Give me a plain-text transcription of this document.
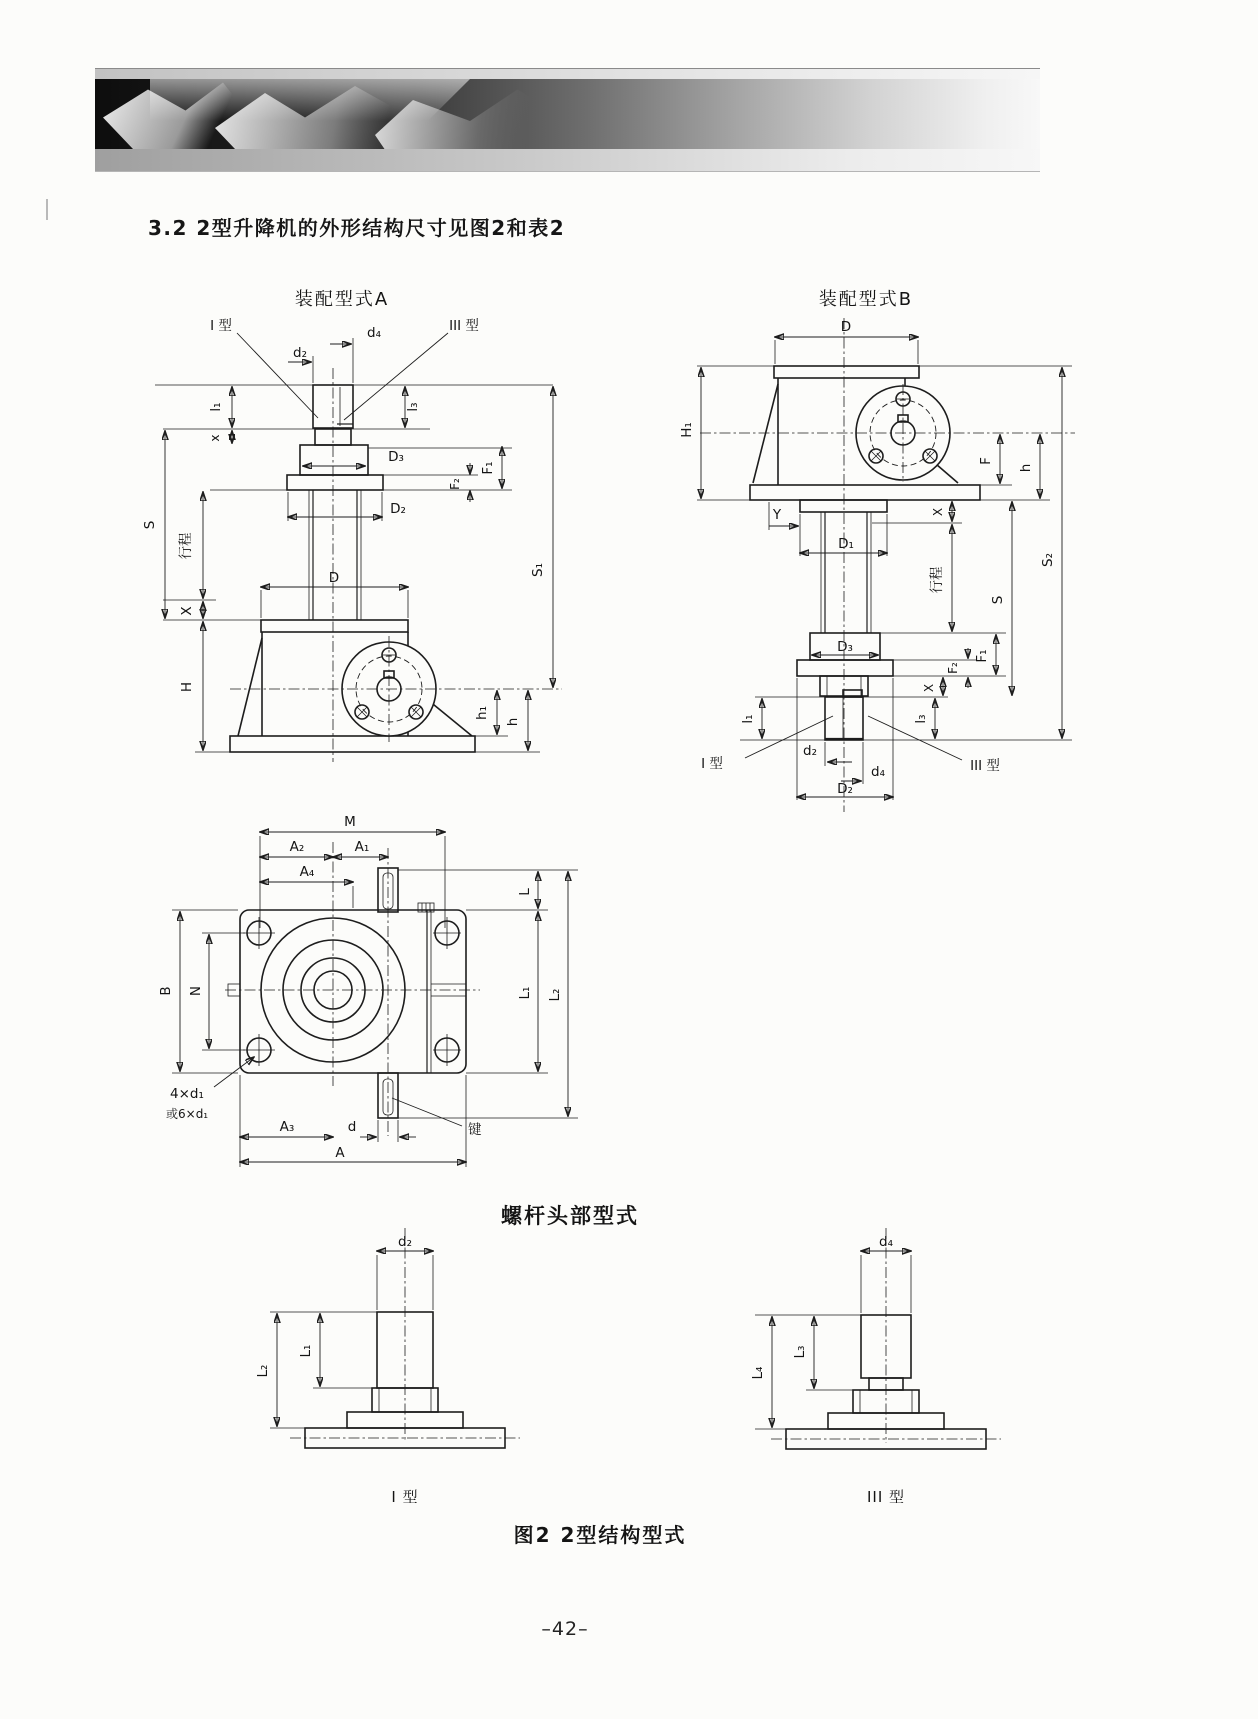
3.2 2型升降机的外形结构尺寸见图2和表2
装配型式A
I 型	III 型
d₂
d₄
l₁	l₃
x
D₃
F₁
F₂
S
行程
D₂
D
X
H
h₁
h
S₁
装配型式B
D
H₁
F
h
Y	X
D₁
行程
S
D₃
F₁
F₂
X
l₁	l₃
d₂
d₄
I 型	III 型
D₂
S₂
M
A₂	A₁
A₄
L
B N	L₁ L₂
4×d₁
或6×d₁
A₃	d	键
A
螺杆头部型式
d₂
L₂
L₁
I 型
d₄
L₄
L₃
III 型
图2 2型结构型式
–42–
